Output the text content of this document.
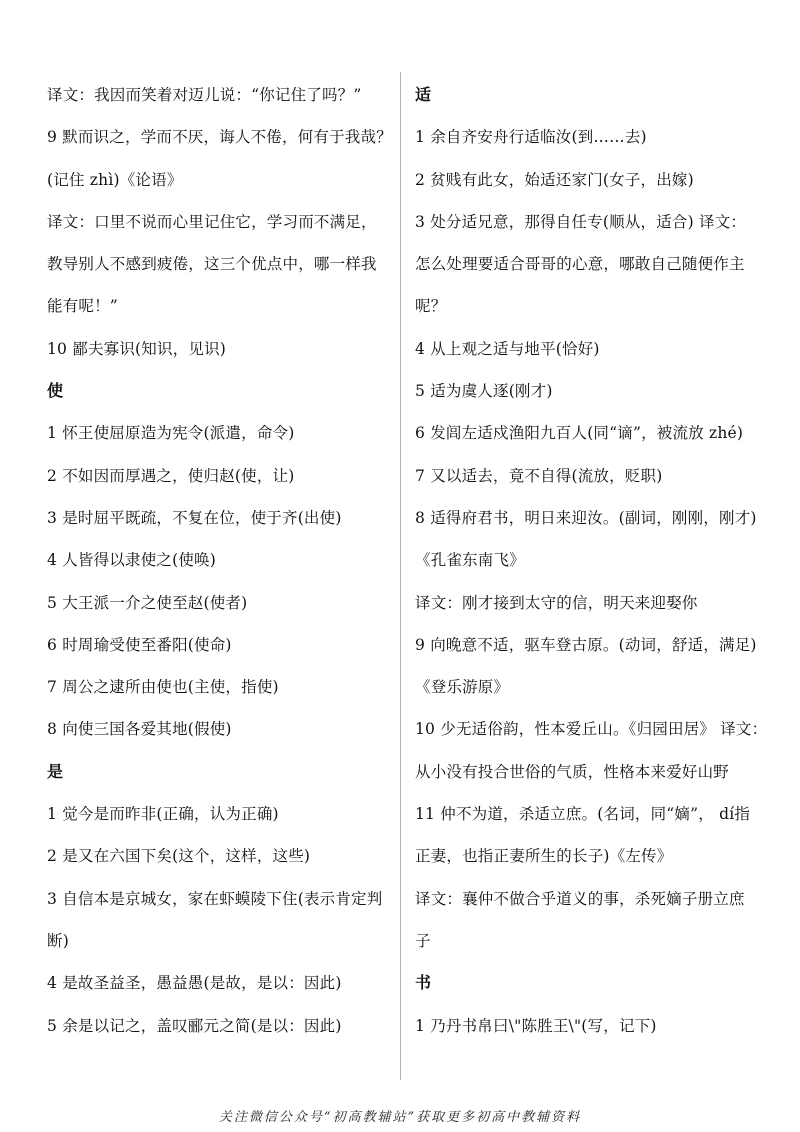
译文：我因而笑着对迈儿说：“你记住了吗？”
9 默而识之，学而不厌，诲人不倦，何有于我哉？
(记住 zhì)《论语》
译文：口里不说而心里记住它，学习而不满足，
教导别人不感到疲倦，这三个优点中，哪一样我
能有呢！”
10 鄙夫寡识(知识，见识)
使
1 怀王使屈原造为宪令(派遣，命令)
2 不如因而厚遇之，使归赵(使，让)
3 是时屈平既疏，不复在位，使于齐(出使)
4 人皆得以隶使之(使唤)
5 大王派一介之使至赵(使者)
6 时周瑜受使至番阳(使命)
7 周公之逮所由使也(主使，指使)
8 向使三国各爱其地(假使)
是
1 觉今是而昨非(正确，认为正确)
2 是又在六国下矣(这个，这样，这些)
3 自信本是京城女，家在虾蟆陵下住(表示肯定判
断)
4 是故圣益圣，愚益愚(是故，是以：因此)
5 余是以记之，盖叹郦元之简(是以：因此)
适
1 余自齐安舟行适临汝(到……去)
2 贫贱有此女，始适还家门(女子，出嫁)
3 处分适兄意，那得自任专(顺从，适合) 译文：
怎么处理要适合哥哥的心意，哪敢自己随便作主
呢？
4 从上观之适与地平(恰好)
5 适为虞人逐(刚才)
6 发闾左适戍渔阳九百人(同“谪”，被流放 zhé)
7 又以适去，竟不自得(流放，贬职)
8 适得府君书，明日来迎汝。(副词，刚刚，刚才)
《孔雀东南飞》
译文：刚才接到太守的信，明天来迎娶你
9 向晚意不适，驱车登古原。(动词，舒适，满足)
《登乐游原》
10 少无适俗韵，性本爱丘山。《归园田居》 译文：
从小没有投合世俗的气质，性格本来爱好山野
11 仲不为道，杀适立庶。(名词，同“嫡”， dí指
正妻，也指正妻所生的长子)《左传》
译文：襄仲不做合乎道义的事，杀死嫡子册立庶
子
书
1 乃丹书帛曰\"陈胜王\"(写，记下)
关注微信公众号“初高教辅站”获取更多初高中教辅资料
